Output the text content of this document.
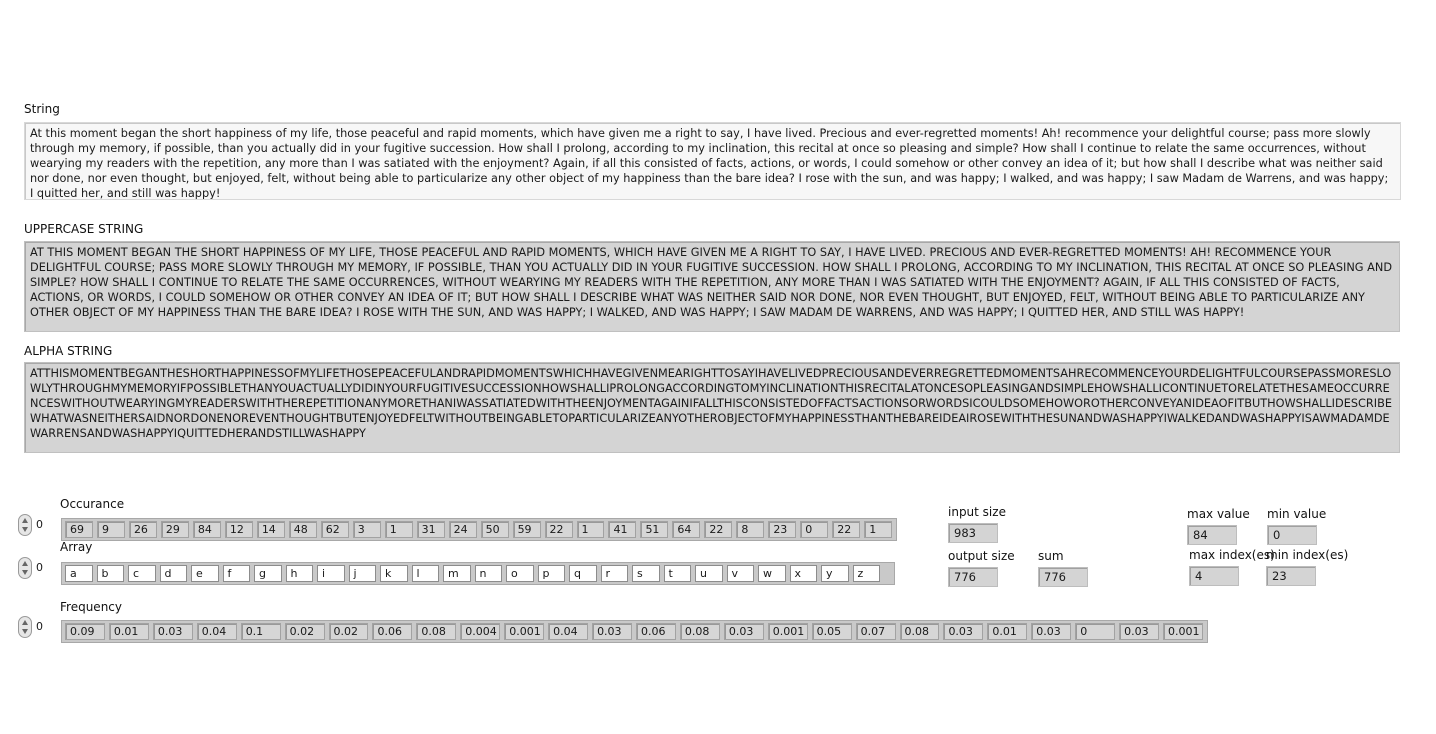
String
At this moment began the short happiness of my life, those peaceful and rapid moments, which have given me a right to say, I have lived. Precious and ever-regretted moments! Ah! recommence your delightful course; pass more slowly through my memory, if possible, than you actually did in your fugitive succession. How shall I prolong, according to my inclination, this recital at once so pleasing and simple? How shall I continue to relate the same occurrences, without wearying my readers with the repetition, any more than I was satiated with the enjoyment? Again, if all this consisted of facts, actions, or words, I could somehow or other convey an idea of it; but how shall I describe what was neither said nor done, nor even thought, but enjoyed, felt, without being able to particularize any other object of my happiness than the bare idea? I rose with the sun, and was happy; I walked, and was happy; I saw Madam de Warrens, and was happy; I quitted her, and still was happy!
UPPERCASE STRING
AT THIS MOMENT BEGAN THE SHORT HAPPINESS OF MY LIFE, THOSE PEACEFUL AND RAPID MOMENTS, WHICH HAVE GIVEN ME A RIGHT TO SAY, I HAVE LIVED. PRECIOUS AND EVER-REGRETTED MOMENTS! AH! RECOMMENCE YOUR DELIGHTFUL COURSE; PASS MORE SLOWLY THROUGH MY MEMORY, IF POSSIBLE, THAN YOU ACTUALLY DID IN YOUR FUGITIVE SUCCESSION. HOW SHALL I PROLONG, ACCORDING TO MY INCLINATION, THIS RECITAL AT ONCE SO PLEASING AND SIMPLE? HOW SHALL I CONTINUE TO RELATE THE SAME OCCURRENCES, WITHOUT WEARYING MY READERS WITH THE REPETITION, ANY MORE THAN I WAS SATIATED WITH THE ENJOYMENT? AGAIN, IF ALL THIS CONSISTED OF FACTS, ACTIONS, OR WORDS, I COULD SOMEHOW OR OTHER CONVEY AN IDEA OF IT; BUT HOW SHALL I DESCRIBE WHAT WAS NEITHER SAID NOR DONE, NOR EVEN THOUGHT, BUT ENJOYED, FELT, WITHOUT BEING ABLE TO PARTICULARIZE ANY OTHER OBJECT OF MY HAPPINESS THAN THE BARE IDEA? I ROSE WITH THE SUN, AND WAS HAPPY; I WALKED, AND WAS HAPPY; I SAW MADAM DE WARRENS, AND WAS HAPPY; I QUITTED HER, AND STILL WAS HAPPY!
ALPHA STRING
ATTHISMOMENTBEGANTHESHORTHAPPINESSOFMYLIFETHOSEPEACEFULANDRAPIDMOMENTSWHICHHAVEGIVENMEARIGHTTOSAYIHAVELIVEDPRECIOUSANDEVERREGRETTEDMOMENTSAHRECOMMENCEYOURDELIGHTFULCOURSEPASSMORESLOWLYTHROUGHMYMEMORYIFPOSSIBLETHANYOUACTUALLYDIDINYOURFUGITIVESUCCESSIONHOWSHALLIPROLONGACCORDINGTOMYINCLINATIONTHISRECITALATONCESOPLEASINGANDSIMPLEHOWSHALLICONTINUETORELATETHESAMEOCCURRENCESWITHOUTWEARYINGMYREADERSWITHTHEREPETITIONANYMORETHANIWASSATIATEDWITHTHEENJOYMENTAGAINIFALLTHISCONSISTEDOFFACTSACTIONSORWORDSICOULDSOMEHOWOROTHERCONVEYANIDEAOFITBUTHOWSHALLIDESCRIBEWHATWASNEITHERSAIDNORDONENOREVENTHOUGHTBUTENJOYEDFELTWITHOUTBEINGABLETOPARTICULARIZEANYOTHEROBJECTOFMYHAPPINESSTHANTHEBAREIDEAIROSEWITHTHESUNANDWASHAPPYIWALKEDANDWASHAPPYISAWMADAMDEWARRENSANDWASHAPPYIQUITTEDHERANDSTILLWASHAPPY
Occurance
0	69	9	26	29	84	12	14	48	62	3	1	31	24	50	59	22	1	41	51	64	22	8	23	0	22	1
Array
0	a	b	c	d	e	f	g	h	i	j	k	l	m	n	o	p	q	r	s	t	u	v	w	x	y	z
Frequency
0	0.09	0.01	0.03	0.04	0.1	0.02	0.02	0.06	0.08	0.004	0.001	0.04	0.03	0.06	0.08	0.03	0.001	0.05	0.07	0.08	0.03	0.01	0.03	0	0.03	0.001
input size
983
output size
776
sum
776
max value
84
min value
0
max index(es)
4
min index(es)
23
